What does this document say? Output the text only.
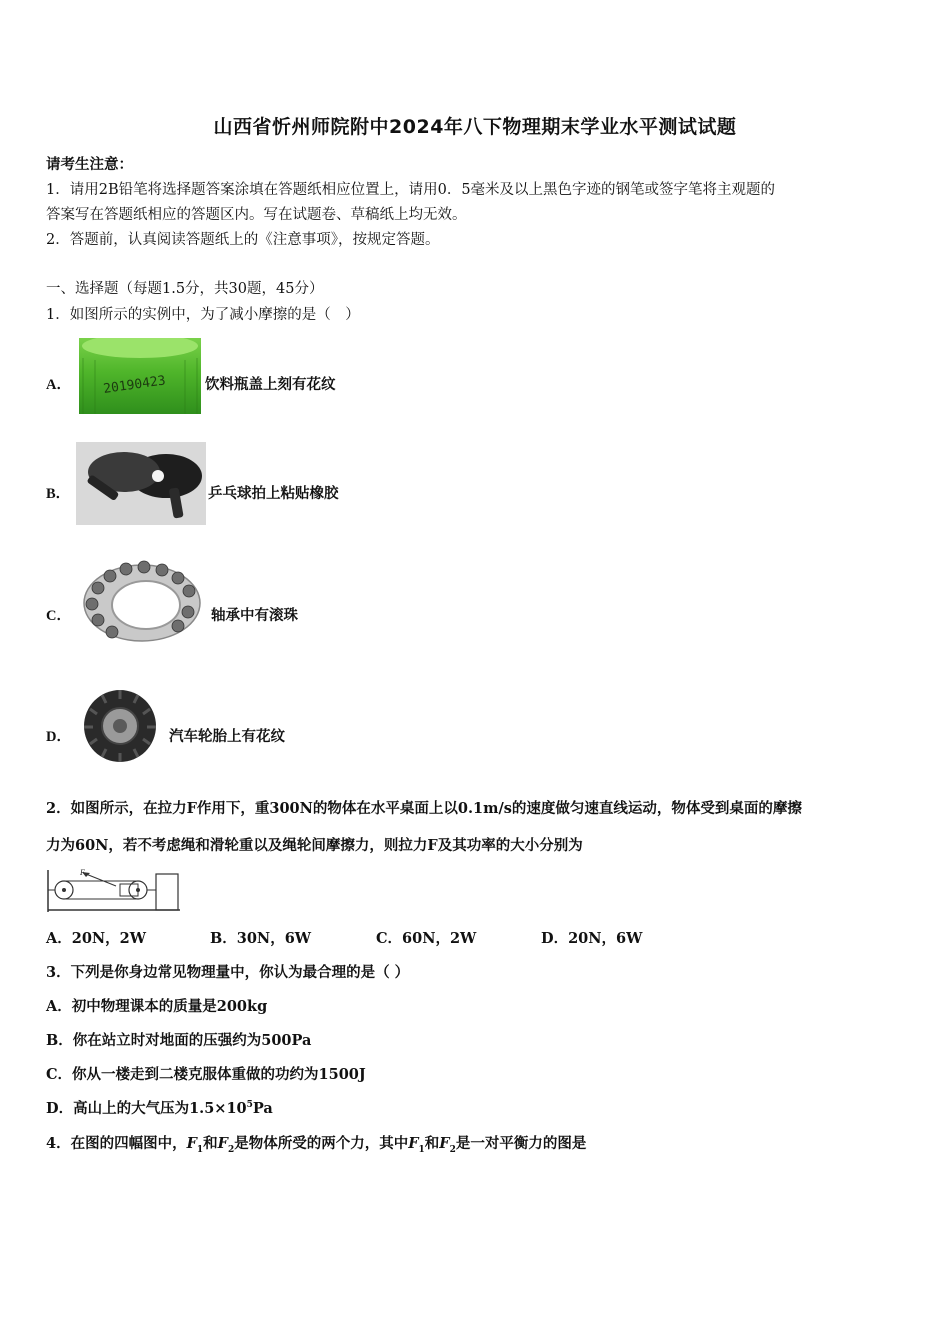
山西省忻州师院附中2024年八下物理期末学业水平测试试题
请考生注意：
1．请用2B铅笔将选择题答案涂填在答题纸相应位置上，请用0．5毫米及以上黑色字迹的钢笔或签字笔将主观题的
答案写在答题纸相应的答题区内。写在试题卷、草稿纸上均无效。
2．答题前，认真阅读答题纸上的《注意事项》，按规定答题。
一、选择题（每题1.5分，共30题，45分）
1．如图所示的实例中，为了减小摩擦的是（　）
A． 20190423	饮料瓶盖上刻有花纹
B．	乒乓球拍上粘贴橡胶
C．	轴承中有滚珠
D．	汽车轮胎上有花纹
2．如图所示，在拉力F作用下，重300N的物体在水平桌面上以0.1m/s的速度做匀速直线运动，物体受到桌面的摩擦
力为60N，若不考虑绳和滑轮重以及绳轮间摩擦力，则拉力F及其功率的大小分别为
F
A．20N，2W	B．30N，6W	C．60N，2W	D．20N，6W
3．下列是你身边常见物理量中，你认为最合理的是（ ）
A．初中物理课本的质量是200kg
B．你在站立时对地面的压强约为500Pa
C．你从一楼走到二楼克服体重做的功约为1500J
D．高山上的大气压为$1.5\times 10^5Pa$
4．在图的四幅图中，$F_1$和$F_2$是物体所受的两个力，其中$F_1$和$F_2$是一对平衡力的图是
